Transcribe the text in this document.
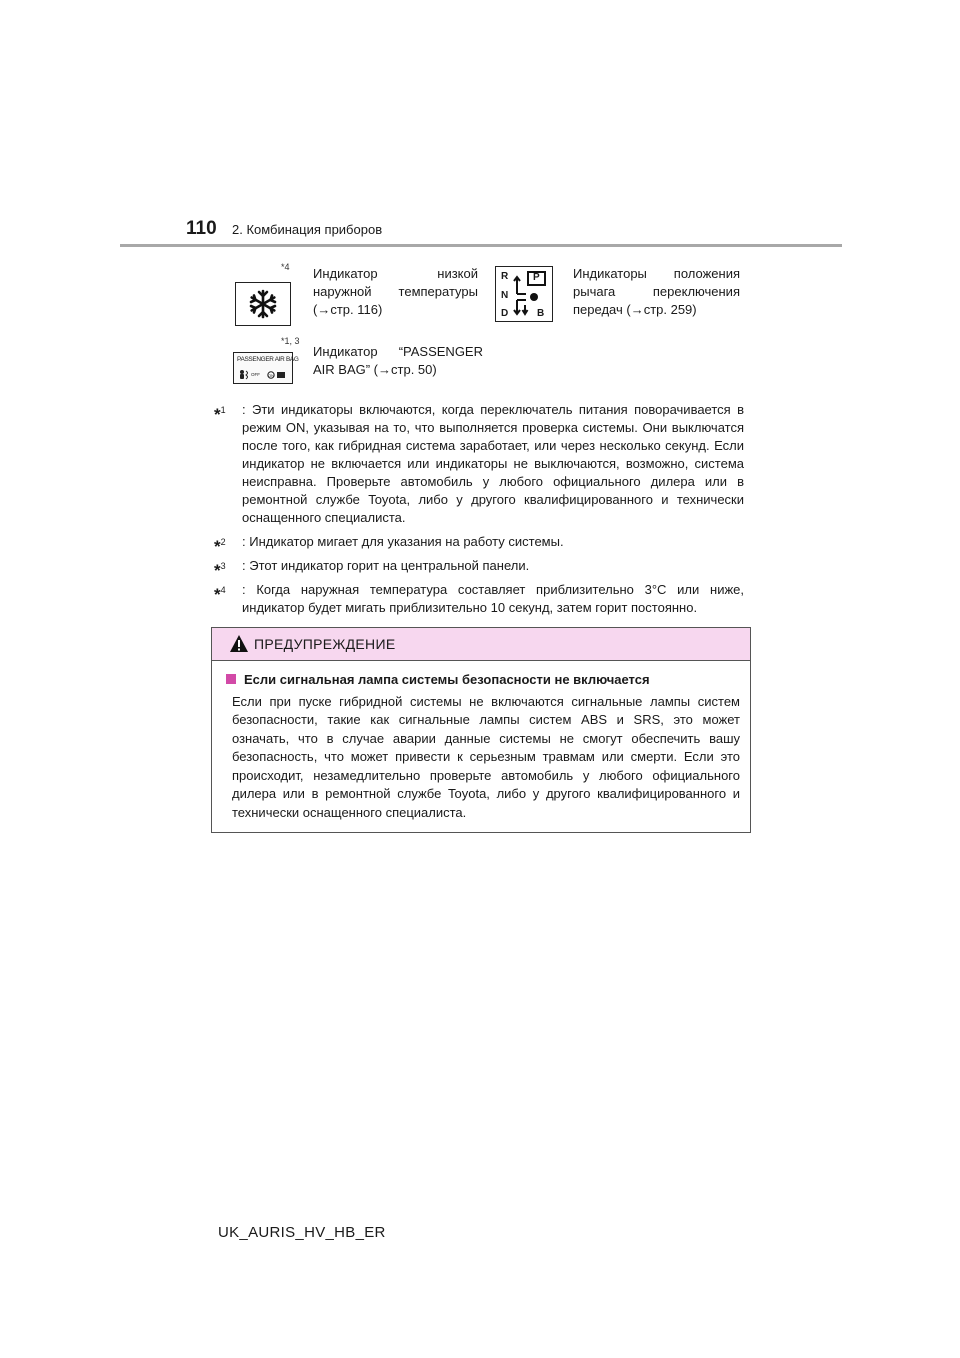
110 2. Комбинация приборов
*4 Индикатор низкой наружной температуры (→стр. 116)
R P
N
D	B
Индикаторы положения рычага переключения передач (→стр. 259)
*1, 3
PASSENGER AIR BAG
OFF ON
Индикатор “PASSENGER AIR BAG” (→стр. 50)
*$^1$ : Эти индикаторы включаются, когда переключатель питания поворачивается в режим ON, указывая на то, что выполняется проверка системы. Они выключатся после того, как гибридная система заработает, или через несколько секунд. Если индикатор не включается или индикаторы не выключаются, возможно, система неисправна. Проверьте автомобиль у любого официального дилера или в ремонтной службе Toyota, либо у другого квалифицированного и технически оснащенного специалиста.
*$^2$ : Индикатор мигает для указания на работу системы.
*$^3$ : Этот индикатор горит на центральной панели.
*$^4$ : Когда наружная температура составляет приблизительно 3°C или ниже, индикатор будет мигать приблизительно 10 секунд, затем горит постоянно.
ПРЕДУПРЕЖДЕНИЕ
Если сигнальная лампа системы безопасности не включается
Если при пуске гибридной системы не включаются сигнальные лампы систем безопасности, такие как сигнальные лампы систем ABS и SRS, это может означать, что в случае аварии данные системы не смогут обеспечить вашу безопасность, что может привести к серьезным травмам или смерти. Если это происходит, незамедлительно проверьте автомобиль у любого официального дилера или в ремонтной службе Toyota, либо у другого квалифицированного и технически оснащенного специалиста.
UK_AURIS_HV_HB_ER
